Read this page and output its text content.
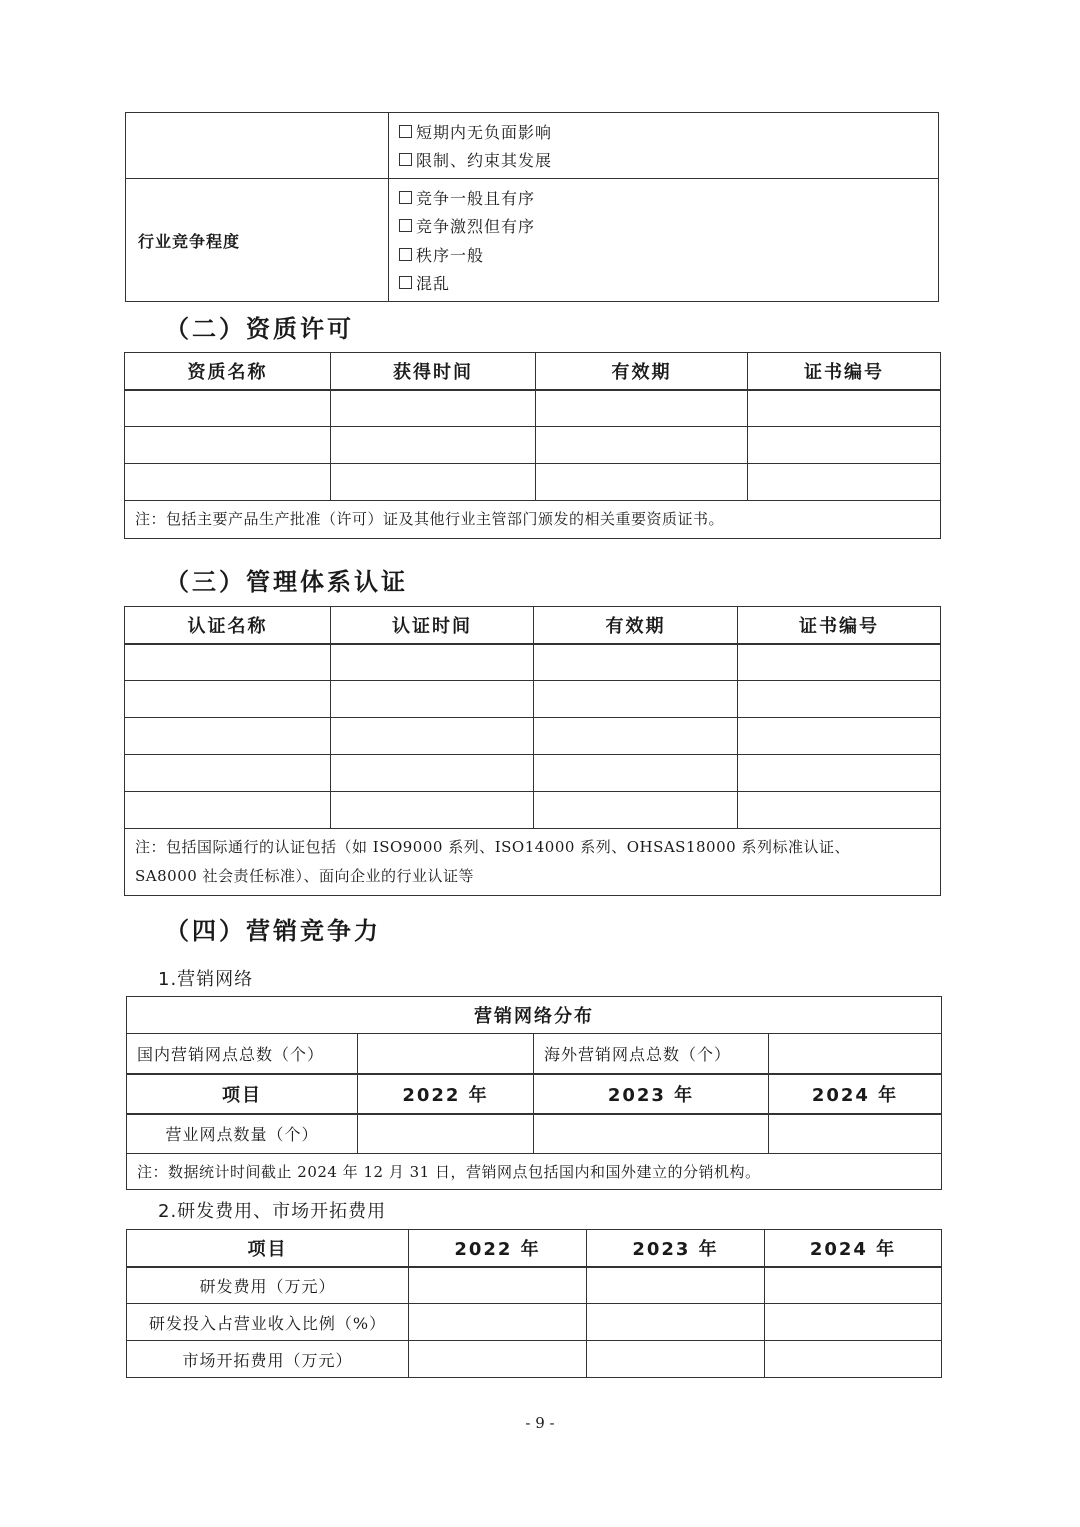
	短期内无负面影响
限制、约束其发展

行业竞争程度	竞争一般且有序
竞争激烈但有序
秩序一般
混乱
（二）资质许可
资质名称	获得时间	有效期	证书编号

注：包括主要产品生产批准（许可）证及其他行业主管部门颁发的相关重要资质证书。			
（三）管理体系认证
认证名称	认证时间	有效期	证书编号

注：包括国际通行的认证包括（如 ISO9000 系列、ISO14000 系列、OHSAS18000 系列标准认证、
SA8000 社会责任标准）、面向企业的行业认证等			
（四）营销竞争力
1.营销网络
营销网络分布			
国内营销网点总数（个）		海外营销网点总数（个）	
项目	2022 年	2023 年	2024 年
营业网点数量（个）			
注：数据统计时间截止 2024 年 12 月 31 日，营销网点包括国内和国外建立的分销机构。			
2.研发费用、市场开拓费用
项目	2022 年	2023 年	2024 年
研发费用（万元）			
研发投入占营业收入比例（%）			
市场开拓费用（万元）			
- 9 -
